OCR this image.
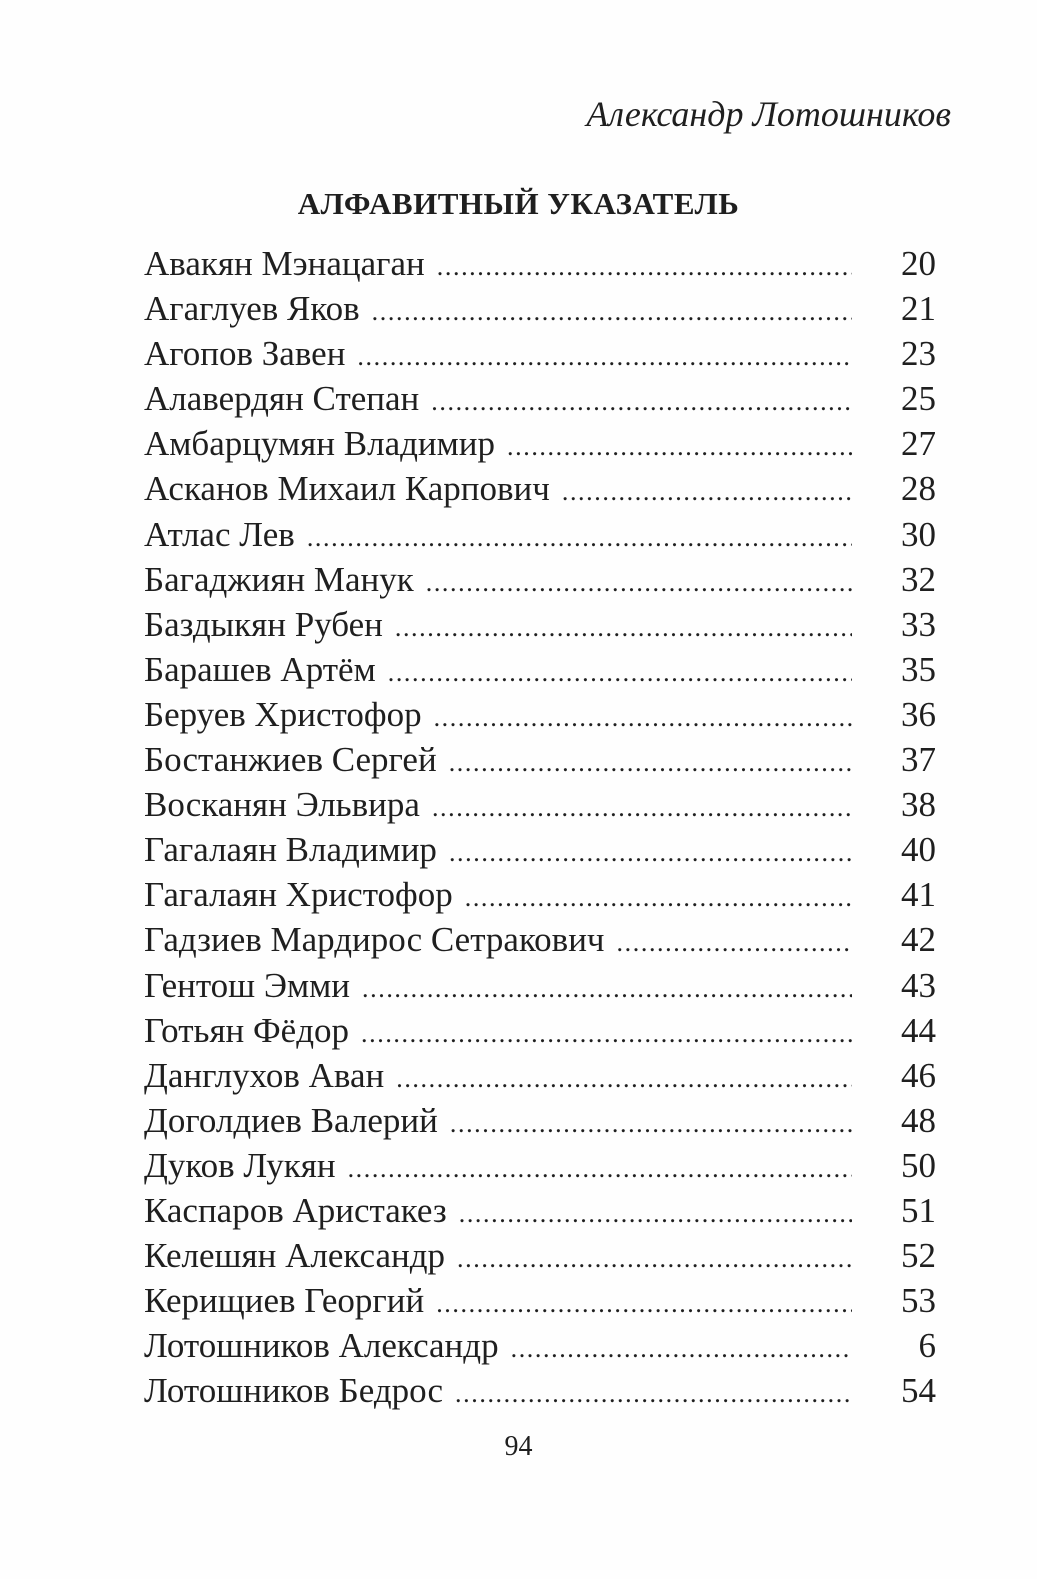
Александр Лотошников
АЛФАВИТНЫЙ УКАЗАТЕЛЬ
Авакян Мэнацаган .....	20
Агаглуев Яков .....	21
Агопов Завен .....	23
Алавердян Степан .....	25
Амбарцумян Владимир .....	27
Асканов Михаил Карпович .....	28
Атлас Лев .....	30
Багаджиян Манук .....	32
Баздыкян Рубен .....	33
Барашев Артём .....	35
Беруев Христофор .....	36
Бостанжиев Сергей .....	37
Восканян Эльвира .....	38
Гагалаян Владимир .....	40
Гагалаян Христофор .....	41
Гадзиев Мардирос Сетракович .....	42
Гентош Эмми .....	43
Готьян Фёдор .....	44
Данглухов Аван .....	46
Доголдиев Валерий .....	48
Дуков Лукян .....	50
Каспаров Аристакез .....	51
Келешян Александр .....	52
Керищиев Георгий .....	53
Лотошников Александр .....	6
Лотошников Бедрос .....	54
94
